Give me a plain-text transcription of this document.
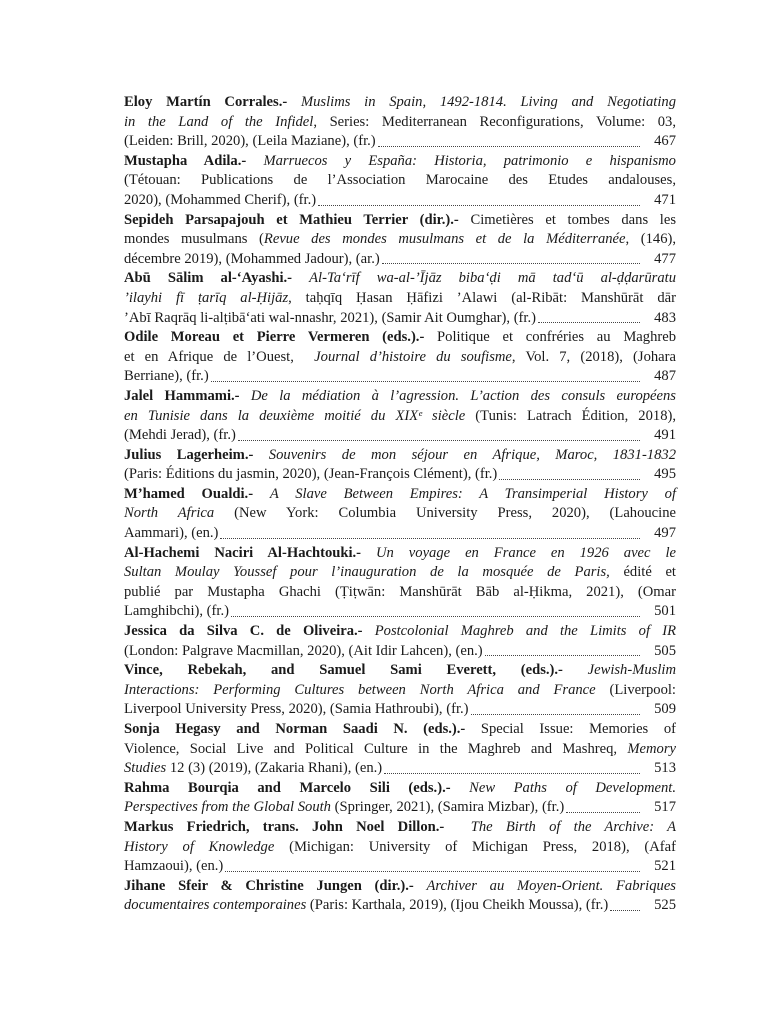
Eloy Martín Corrales.- Muslims in Spain, 1492-1814. Living and Negotiating
in the Land of the Infidel, Series: Mediterranean Reconfigurations, Volume: 03,
(Leiden: Brill, 2020), (Leila Maziane), (fr.)	467
Mustapha Adila.- Marruecos y España: Historia, patrimonio e hispanismo
(Tétouan: Publications de l’Association Marocaine des Etudes andalouses,
2020), (Mohammed Cherif), (fr.)	471
Sepideh Parsapajouh et Mathieu Terrier (dir.).- Cimetières et tombes dans les
mondes musulmans (Revue des mondes musulmans et de la Méditerranée, (146),
décembre 2019), (Mohammed Jadour), (ar.)	477
Abū Sālim al-‘Ayashi.- Al-Ta‘rīf wa-al-’Ījāz biba‘ḍi mā tad‘ū al-ḍḍarūratu
’ilayhi fī ṭarīq al-Ḥijāz, taḥqīq Ḥasan Ḥāfizi ’Alawi (al-Ribāt: Manshūrāt dār
’Abī Raqrāq li-alṭibā‘ati wal-nnashr, 2021), (Samir Ait Oumghar), (fr.)	483
Odile Moreau et Pierre Vermeren (eds.).- Politique et confréries au Maghreb
et en Afrique de l’Ouest,  Journal d’histoire du soufisme, Vol. 7, (2018), (Johara
Berriane), (fr.)	487
Jalel Hammami.- De la médiation à l’agression. L’action des consuls européens
en Tunisie dans la deuxième moitié du XIXᵉ siècle (Tunis: Latrach Édition, 2018),
(Mehdi Jerad), (fr.)	491
Julius Lagerheim.- Souvenirs de mon séjour en Afrique, Maroc, 1831-1832
(Paris: Éditions du jasmin, 2020), (Jean-François Clément), (fr.)	495
M’hamed Oualdi.- A Slave Between Empires: A Transimperial History of
North Africa (New York: Columbia University Press, 2020), (Lahoucine
Aammari), (en.)	497
Al-Hachemi Naciri Al-Hachtouki.- Un voyage en France en 1926 avec le
Sultan Moulay Youssef pour l’inauguration de la mosquée de Paris, édité et
publié par Mustapha Ghachi (Ṭiṭwān: Manshūrāt Bāb al-Ḥikma, 2021), (Omar
Lamghibchi), (fr.)	501
Jessica da Silva C. de Oliveira.- Postcolonial Maghreb and the Limits of IR
(London: Palgrave Macmillan, 2020), (Ait Idir Lahcen), (en.)	505
Vince, Rebekah, and Samuel Sami Everett, (eds.).- Jewish-Muslim
Interactions: Performing Cultures between North Africa and France (Liverpool:
Liverpool University Press, 2020), (Samia Hathroubi), (fr.)	509
Sonja Hegasy and Norman Saadi N. (eds.).- Special Issue: Memories of
Violence, Social Live and Political Culture in the Maghreb and Mashreq, Memory
Studies 12 (3) (2019), (Zakaria Rhani), (en.)	513
Rahma Bourqia and Marcelo Sili (eds.).- New Paths of Development.
Perspectives from the Global South (Springer, 2021), (Samira Mizbar), (fr.)	517
Markus Friedrich, trans. John Noel Dillon.-  The Birth of the Archive: A
History of Knowledge (Michigan: University of Michigan Press, 2018), (Afaf
Hamzaoui), (en.)	521
Jihane Sfeir & Christine Jungen (dir.).- Archiver au Moyen-Orient. Fabriques
documentaires contemporaines (Paris: Karthala, 2019), (Ijou Cheikh Moussa), (fr.)	525
